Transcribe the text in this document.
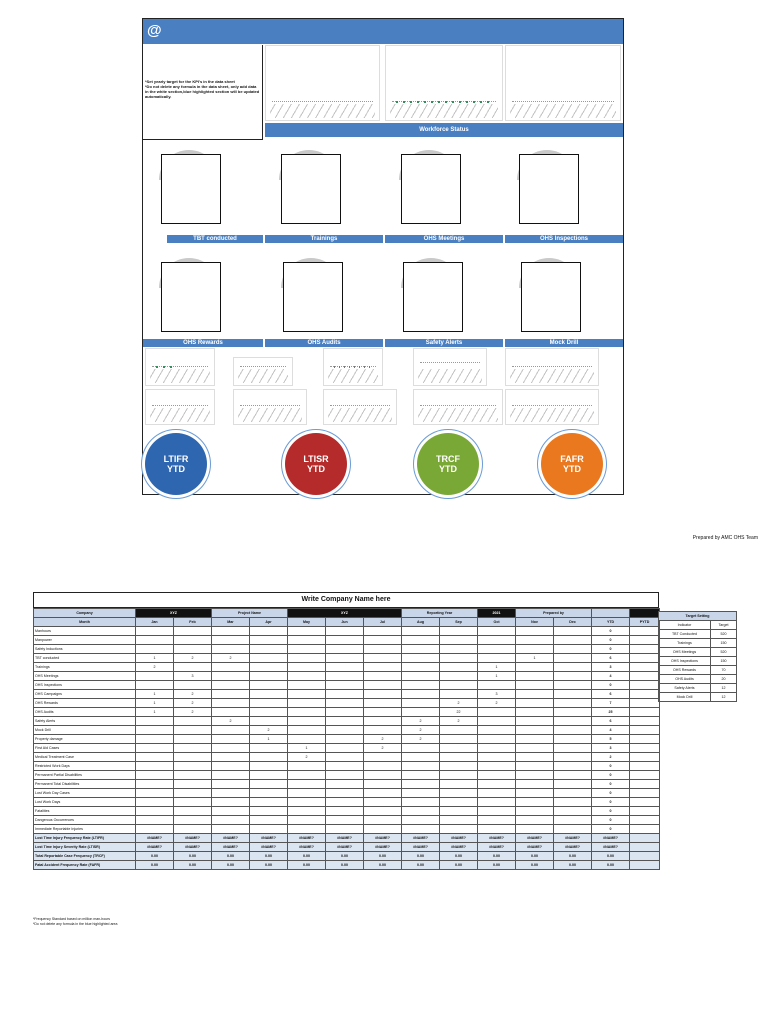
@
*Set yearly target for the KPI's in the data sheet
*Do not delete any formula in the data sheet, only add data in the white section,blue highlighted section will be updated automatically.
Workforce Status
TBT conducted	Trainings	OHS Meetings	OHS Inspections
OHS Rewards	OHS Audits	Safety Alerts	Mock Drill
LTIFR
YTD
LTISR
YTD
TRCF
YTD
FAFR
YTD
Prepared by AMC OHS Team
Write Company Name here
Company	XYZ		Project Name		XYZ			Reporting Year		2021	Prepared by			
Month	Jan	Feb	Mar	Apr	May	Jun	Jul	Aug	Sep	Oct	Nov	Dec	YTD	PYTD
Manhours													0	
Manpower													0	
Safety Inductions													0	
TBT conducted	1	2	2								1		6	
Trainings	2									1			3	
OHS Meetings		3								1			4	
OHS Inspections													0	
OHS Campaigns	1	2								3			6	
OHS Rewards	1	2							2	2			7	
OHS Audits	1	2							22				25	
Safety Alerts			2					2	2				6	
Mock Drill				2				2					4	
Property damage				1			2	2					5	
First Aid Cases					1		2						3	
Medical Treatment Case					2								2	
Restricted Work Days													0	
Permanent Partial Disabilities													0	
Permanent Total Disabilities													0	
Lost Work Day Cases													0	
Lost Work Days													0	
Fatalities													0	
Dangerous Occurrences													0	
Immediate Reportable Injuries													0	
Lost Time Injury Frequency Rate (LTIFR)	#NAME?	#NAME?	#NAME?	#NAME?	#NAME?	#NAME?	#NAME?	#NAME?	#NAME?	#NAME?	#NAME?	#NAME?	#NAME?	
Lost Time Injury Severity Rate (LTISR)	#NAME?	#NAME?	#NAME?	#NAME?	#NAME?	#NAME?	#NAME?	#NAME?	#NAME?	#NAME?	#NAME?	#NAME?	#NAME?	
Total Reportable Case Frequency (TRCF)	0.00	0.00	0.00	0.00	0.00	0.00	0.00	0.00	0.00	0.00	0.00	0.00	0.00	
Fatal Accident Frequency Rate (FAFR)	0.00	0.00	0.00	0.00	0.00	0.00	0.00	0.00	0.00	0.00	0.00	0.00	0.00	
Target Setting	
Indicator	Target
TBT Conducted	520
Trainings	150
OHS Meetings	520
OHS Inspections	150
OHS Rewards	70
OHS Audits	20
Safety Alerts	12
Mock Drill	12
*Frequency Standard based on million man-hours
*Do not delete any formula in the blue highlighted area
